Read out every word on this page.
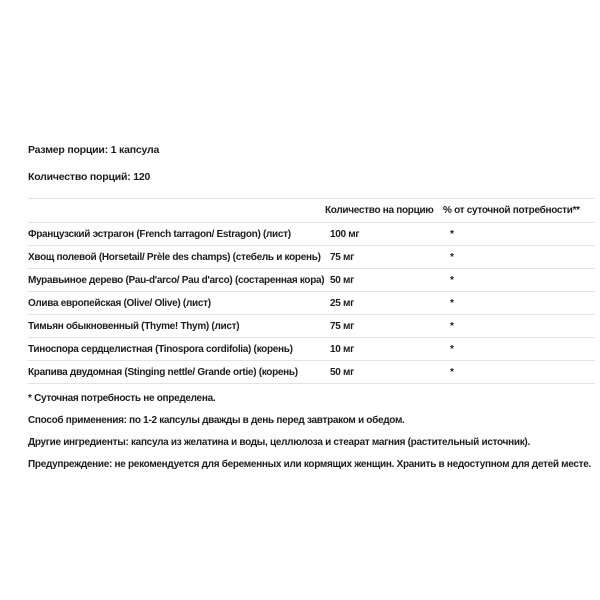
Размер порции: 1 капсула
Количество порций: 120
Количество на порцию % от суточной потребности**
Французский эстрагон (French tarragon/ Estragon) (лист)	100 мг	*
Хвощ полевой (Horsetail/ Prèle des champs) (стебель и корень) 75 мг	*
Муравьиное дерево (Pau-d'arco/ Pau d'arco) (состаренная кора) 50 мг	*
Олива европейская (Olive/ Olive) (лист)	25 мг	*
Тимьян обыкновенный (Thyme! Thym) (лист)	75 мг	*
Тиноспора сердцелистная (Tinospora cordifolia) (корень)	10 мг	*
Крапива двудомная (Stinging nettle/ Grande ortie) (корень)	50 мг	*
* Суточная потребность не определена.
Способ применения: по 1-2 капсулы дважды в день перед завтраком и обедом.
Другие ингредиенты: капсула из желатина и воды, целлюлоза и стеарат магния (растительный источник).
Предупреждение: не рекомендуется для беременных или кормящих женщин. Хранить в недоступном для детей месте.
